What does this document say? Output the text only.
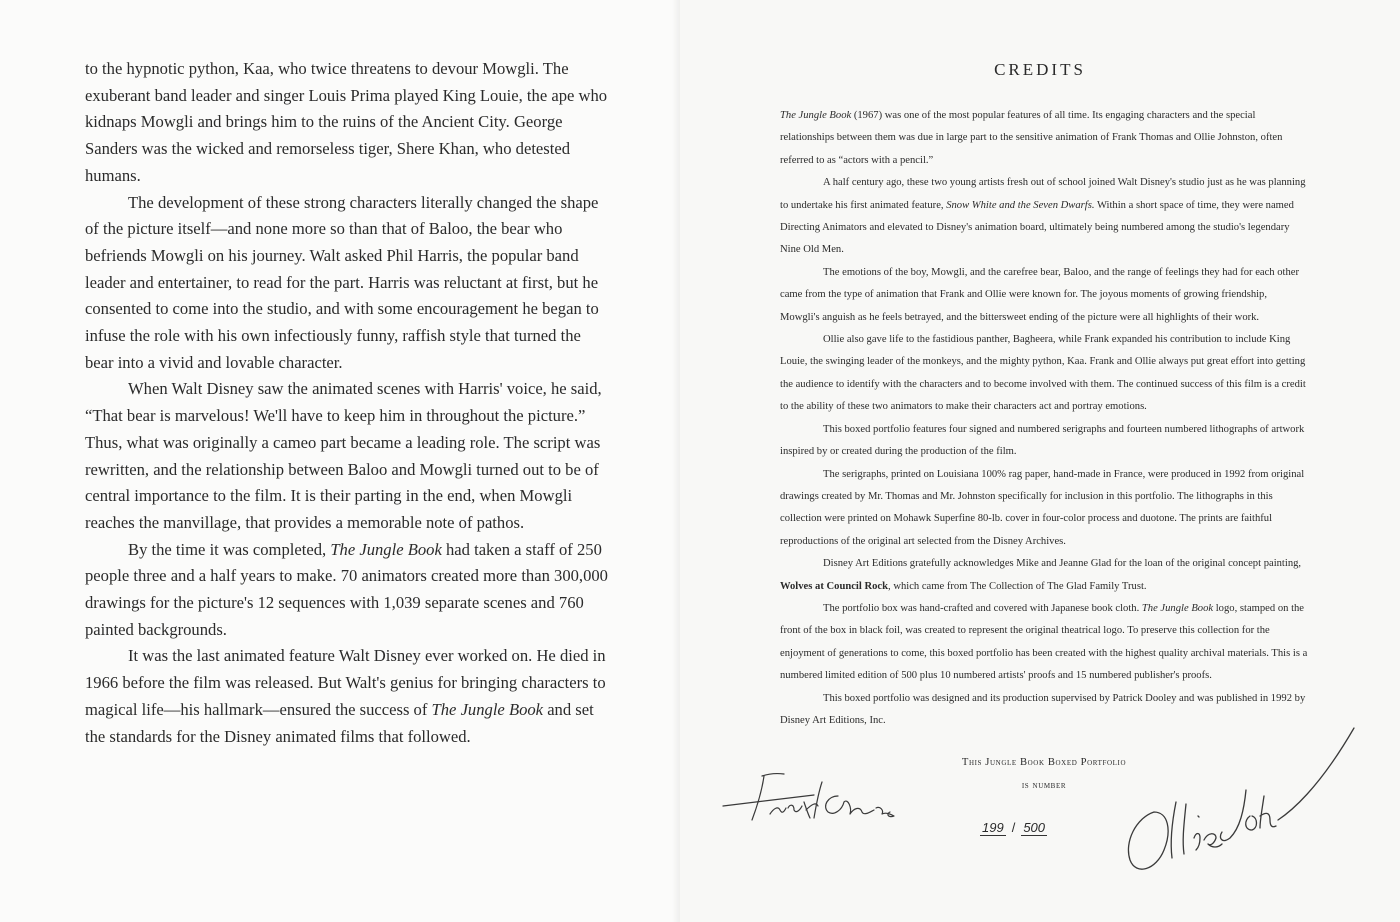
to the hypnotic python, Kaa, who twice threatens to devour Mowgli. The exuberant band leader and singer Louis Prima played King Louie, the ape who kidnaps Mowgli and brings him to the ruins of the Ancient City. George Sanders was the wicked and remorseless tiger, Shere Khan, who detested humans.

The development of these strong characters literally changed the shape of the picture itself—and none more so than that of Baloo, the bear who befriends Mowgli on his journey. Walt asked Phil Harris, the popular band leader and entertainer, to read for the part. Harris was reluctant at first, but he consented to come into the studio, and with some encouragement he began to infuse the role with his own infectiously funny, raffish style that turned the bear into a vivid and lovable character.

When Walt Disney saw the animated scenes with Harris' voice, he said, “That bear is marvelous! We'll have to keep him in throughout the picture.” Thus, what was originally a cameo part became a leading role. The script was rewritten, and the relationship between Baloo and Mowgli turned out to be of central importance to the film. It is their parting in the end, when Mowgli reaches the manvillage, that provides a memorable note of pathos.

By the time it was completed, The Jungle Book had taken a staff of 250 people three and a half years to make. 70 animators created more than 300,000 drawings for the picture's 12 sequences with 1,039 separate scenes and 760 painted backgrounds.

It was the last animated feature Walt Disney ever worked on. He died in 1966 before the film was released. But Walt's genius for bringing characters to magical life—his hallmark—ensured the success of The Jungle Book and set the standards for the Disney animated films that followed.

CREDITS

The Jungle Book (1967) was one of the most popular features of all time. Its engaging characters and the special relationships between them was due in large part to the sensitive animation of Frank Thomas and Ollie Johnston, often referred to as “actors with a pencil.”

A half century ago, these two young artists fresh out of school joined Walt Disney's studio just as he was planning to undertake his first animated feature, Snow White and the Seven Dwarfs. Within a short space of time, they were named Directing Animators and elevated to Disney's animation board, ultimately being numbered among the studio's legendary Nine Old Men.

The emotions of the boy, Mowgli, and the carefree bear, Baloo, and the range of feelings they had for each other came from the type of animation that Frank and Ollie were known for. The joyous moments of growing friendship, Mowgli's anguish as he feels betrayed, and the bittersweet ending of the picture were all highlights of their work.

Ollie also gave life to the fastidious panther, Bagheera, while Frank expanded his contribution to include King Louie, the swinging leader of the monkeys, and the mighty python, Kaa. Frank and Ollie always put great effort into getting the audience to identify with the characters and to become involved with them. The continued success of this film is a credit to the ability of these two animators to make their characters act and portray emotions.

This boxed portfolio features four signed and numbered serigraphs and fourteen numbered lithographs of artwork inspired by or created during the production of the film.

The serigraphs, printed on Louisiana 100% rag paper, hand-made in France, were produced in 1992 from original drawings created by Mr. Thomas and Mr. Johnston specifically for inclusion in this portfolio. The lithographs in this collection were printed on Mohawk Superfine 80-lb. cover in four-color process and duotone. The prints are faithful reproductions of the original art selected from the Disney Archives.

Disney Art Editions gratefully acknowledges Mike and Jeanne Glad for the loan of the original concept painting, Wolves at Council Rock, which came from The Collection of The Glad Family Trust.

The portfolio box was hand-crafted and covered with Japanese book cloth. The Jungle Book logo, stamped on the front of the box in black foil, was created to represent the original theatrical logo. To preserve this collection for the enjoyment of generations to come, this boxed portfolio has been created with the highest quality archival materials. This is a numbered limited edition of 500 plus 10 numbered artists' proofs and 15 numbered publisher's proofs.

This boxed portfolio was designed and its production supervised by Patrick Dooley and was published in 1992 by Disney Art Editions, Inc.

This Jungle Book Boxed Portfolio
is number
199 / 500
